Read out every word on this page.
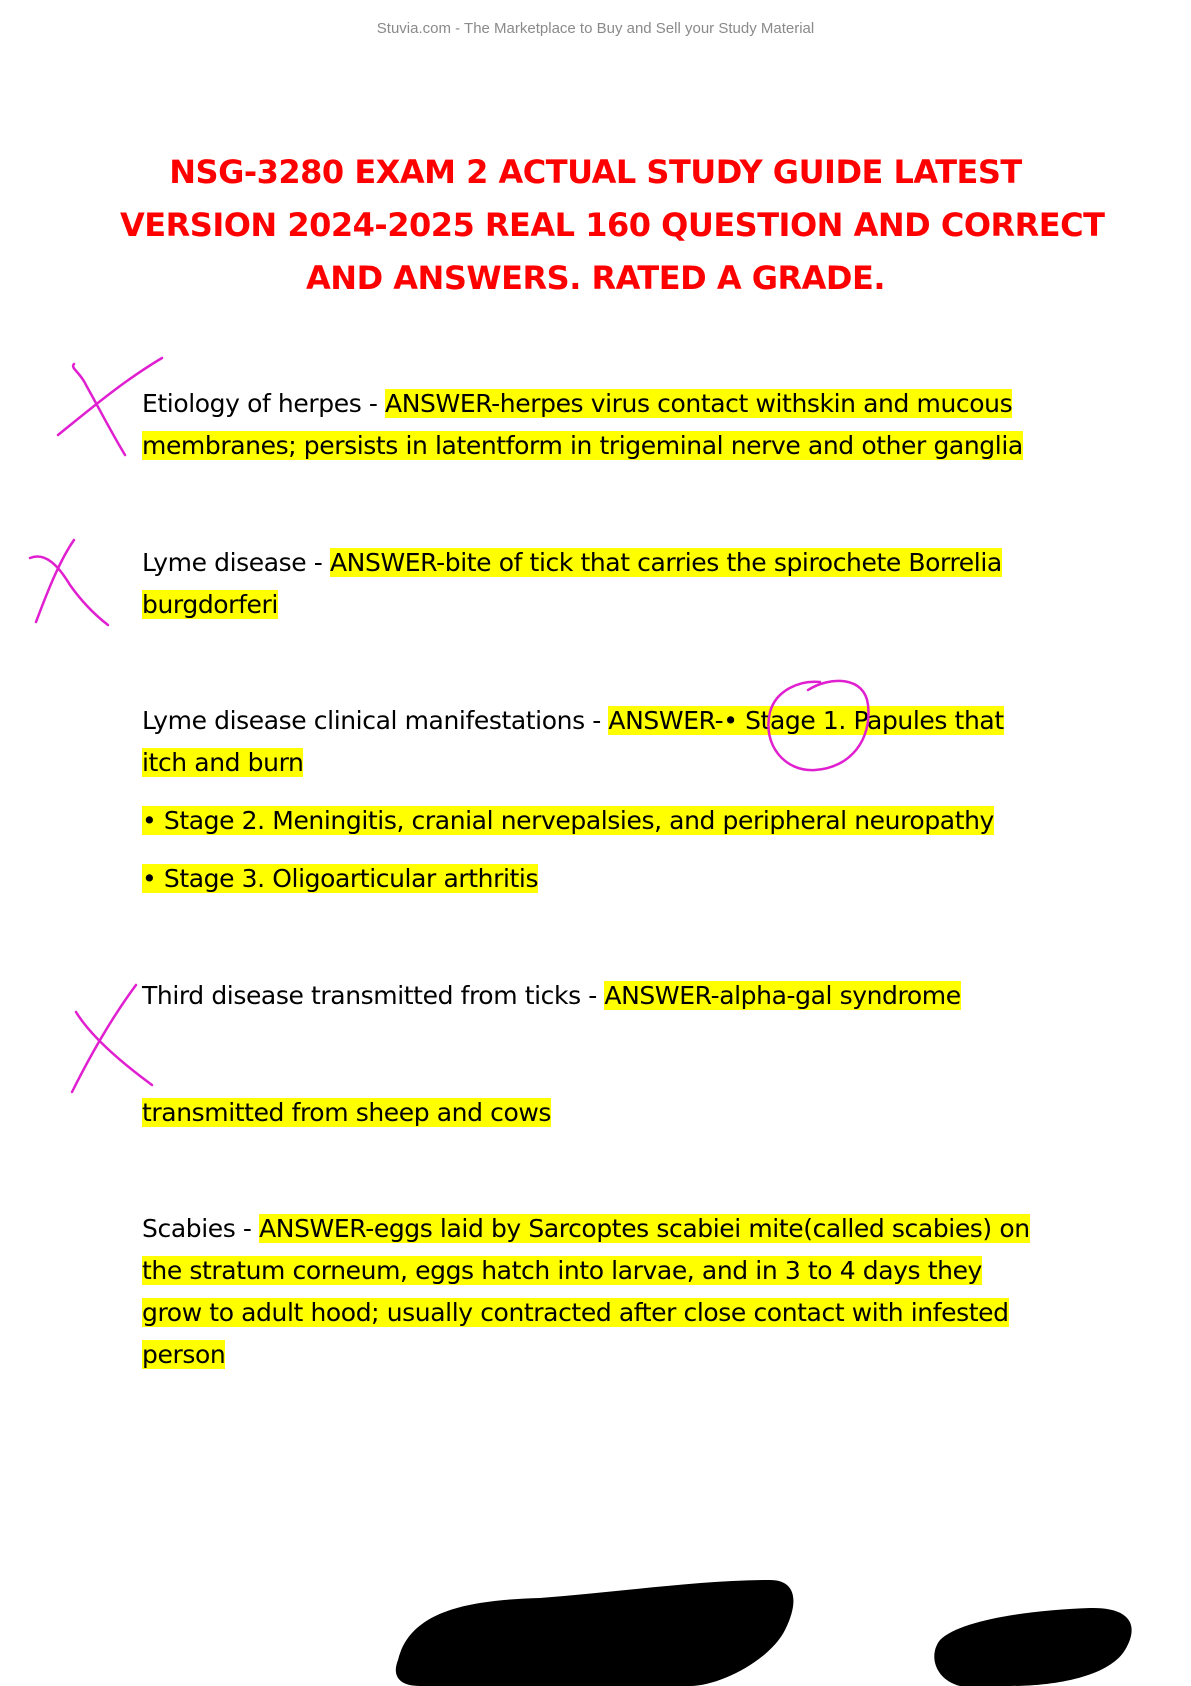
Stuvia.com - The Marketplace to Buy and Sell your Study Material
NSG-3280 EXAM 2 ACTUAL STUDY GUIDE LATEST
VERSION 2024-2025 REAL 160 QUESTION AND CORRECT
AND ANSWERS. RATED A GRADE.
Etiology of herpes - ANSWER-herpes virus contact withskin and mucous
membranes; persists in latentform in trigeminal nerve and other ganglia
Lyme disease - ANSWER-bite of tick that carries the spirochete Borrelia
burgdorferi
Lyme disease clinical manifestations - ANSWER-• Stage 1. Papules that
itch and burn
• Stage 2. Meningitis, cranial nervepalsies, and peripheral neuropathy
• Stage 3. Oligoarticular arthritis
Third disease transmitted from ticks - ANSWER-alpha-gal syndrome
transmitted from sheep and cows
Scabies - ANSWER-eggs laid by Sarcoptes scabiei mite(called scabies) on
the stratum corneum, eggs hatch into larvae, and in 3 to 4 days they
grow to adult hood; usually contracted after close contact with infested
person
